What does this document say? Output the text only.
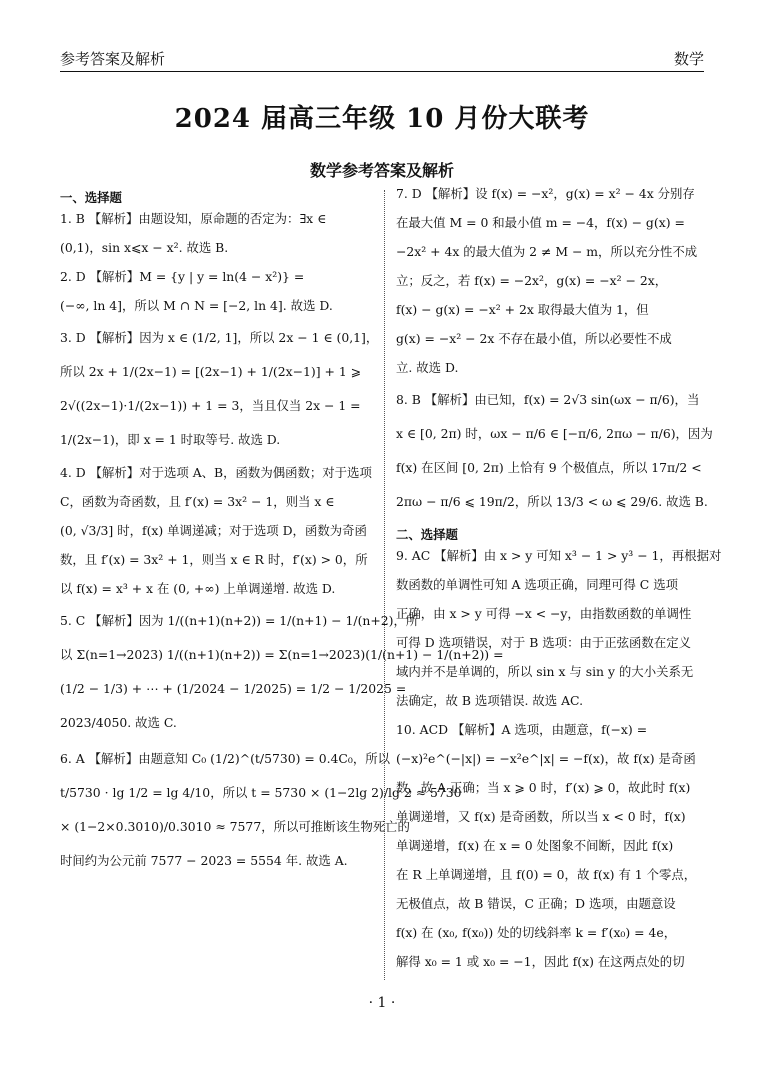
参考答案及解析	数学
2024 届高三年级 10 月份大联考
数学参考答案及解析
一、选择题
1. B 【解析】由题设知，原命题的否定为：∃x ∈
(0,1)，sin x⩽x − x². 故选 B.
2. D 【解析】M = {y | y = ln(4 − x²)} =
(−∞, ln 4]，所以 M ∩ N = [−2, ln 4]. 故选 D.
3. D 【解析】因为 x ∈ (1/2, 1]，所以 2x − 1 ∈ (0,1]，
所以 2x + 1/(2x−1) = [(2x−1) + 1/(2x−1)] + 1 ⩾
2√((2x−1)·1/(2x−1)) + 1 = 3，当且仅当 2x − 1 =
1/(2x−1)，即 x = 1 时取等号. 故选 D.
4. D 【解析】对于选项 A、B，函数为偶函数；对于选项
C，函数为奇函数，且 f′(x) = 3x² − 1，则当 x ∈
(0, √3/3] 时，f(x) 单调递减；对于选项 D，函数为奇函
数，且 f′(x) = 3x² + 1，则当 x ∈ R 时，f′(x) > 0，所
以 f(x) = x³ + x 在 (0, +∞) 上单调递增. 故选 D.
5. C 【解析】因为 1/((n+1)(n+2)) = 1/(n+1) − 1/(n+2)，所
以 Σ(n=1→2023) 1/((n+1)(n+2)) = Σ(n=1→2023)(1/(n+1) − 1/(n+2)) =
(1/2 − 1/3) + ⋯ + (1/2024 − 1/2025) = 1/2 − 1/2025 =
2023/4050. 故选 C.
6. A 【解析】由题意知 C₀ (1/2)^(t/5730) = 0.4C₀，所以
t/5730 · lg 1/2 = lg 4/10，所以 t = 5730 × (1−2lg 2)/lg 2 ≈ 5730
× (1−2×0.3010)/0.3010 ≈ 7577，所以可推断该生物死亡的
时间约为公元前 7577 − 2023 = 5554 年. 故选 A.
7. D 【解析】设 f(x) = −x²，g(x) = x² − 4x 分别存
在最大值 M = 0 和最小值 m = −4，f(x) − g(x) =
−2x² + 4x 的最大值为 2 ≠ M − m，所以充分性不成
立；反之，若 f(x) = −2x²，g(x) = −x² − 2x，
f(x) − g(x) = −x² + 2x 取得最大值为 1，但
g(x) = −x² − 2x 不存在最小值，所以必要性不成
立. 故选 D.
8. B 【解析】由已知，f(x) = 2√3 sin(ωx − π/6)，当
x ∈ [0, 2π) 时，ωx − π/6 ∈ [−π/6, 2πω − π/6)，因为
f(x) 在区间 [0, 2π) 上恰有 9 个极值点，所以 17π/2 <
2πω − π/6 ⩽ 19π/2，所以 13/3 < ω ⩽ 29/6. 故选 B.
二、选择题
9. AC 【解析】由 x > y 可知 x³ − 1 > y³ − 1，再根据对
数函数的单调性可知 A 选项正确，同理可得 C 选项
正确，由 x > y 可得 −x < −y，由指数函数的单调性
可得 D 选项错误，对于 B 选项：由于正弦函数在定义
域内并不是单调的，所以 sin x 与 sin y 的大小关系无
法确定，故 B 选项错误. 故选 AC.
10. ACD 【解析】A 选项，由题意，f(−x) =
(−x)²e^(−|x|) = −x²e^|x| = −f(x)，故 f(x) 是奇函
数，故 A 正确；当 x ⩾ 0 时，f′(x) ⩾ 0，故此时 f(x)
单调递增，又 f(x) 是奇函数，所以当 x < 0 时，f(x)
单调递增，f(x) 在 x = 0 处图象不间断，因此 f(x)
在 R 上单调递增，且 f(0) = 0，故 f(x) 有 1 个零点，
无极值点，故 B 错误，C 正确；D 选项，由题意设
f(x) 在 (x₀, f(x₀)) 处的切线斜率 k = f′(x₀) = 4e，
解得 x₀ = 1 或 x₀ = −1，因此 f(x) 在这两点处的切
· 1 ·
